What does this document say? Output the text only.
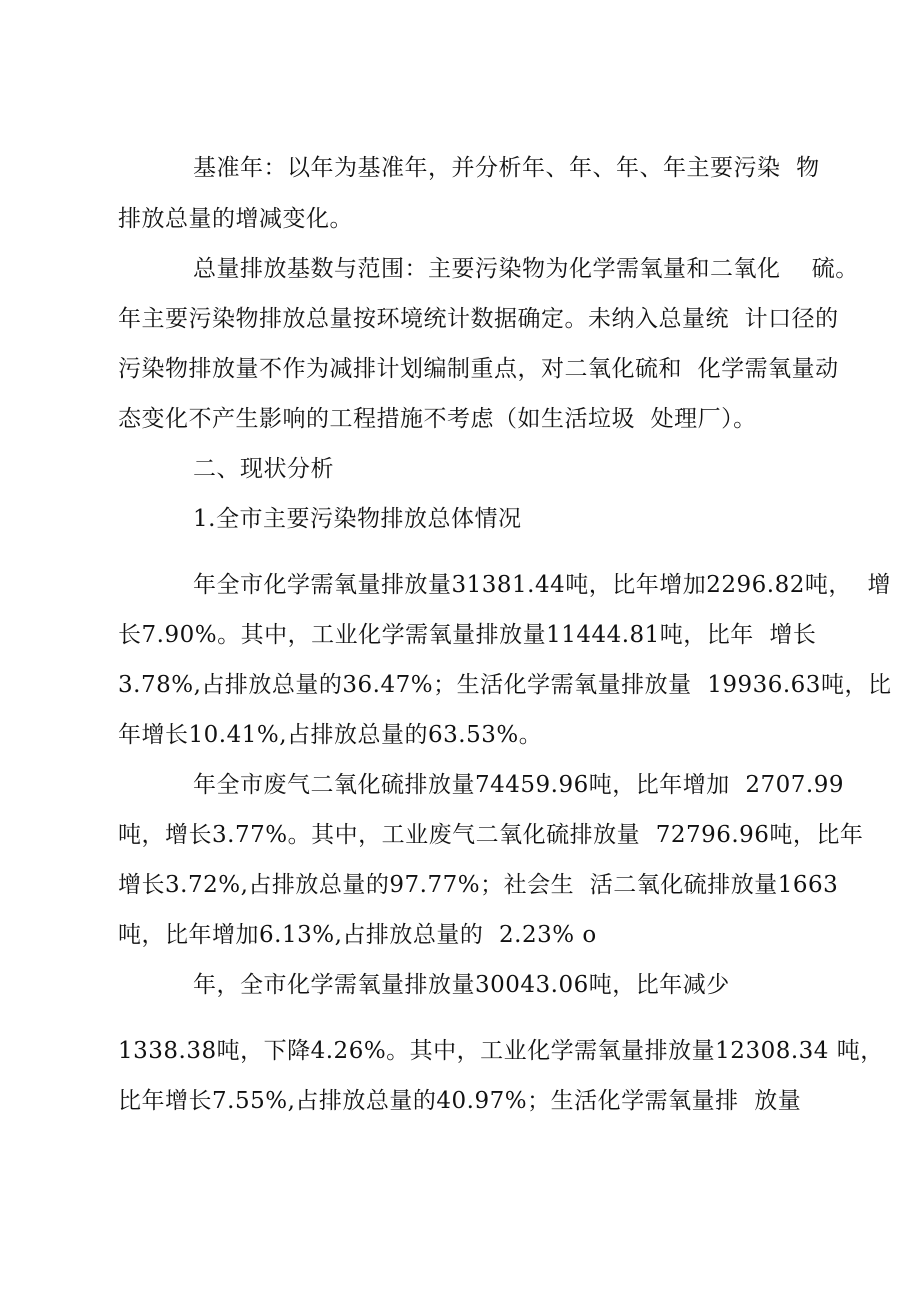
基准年：以年为基准年，并分析年、年、年、年主要污染  物
排放总量的增减变化。
总量排放基数与范围：主要污染物为化学需氧量和二氧化    硫。
年主要污染物排放总量按环境统计数据确定。未纳入总量统  计口径的
污染物排放量不作为减排计划编制重点，对二氧化硫和  化学需氧量动
态变化不产生影响的工程措施不考虑（如生活垃圾  处理厂）。
二、现状分析
1.全市主要污染物排放总体情况
年全市化学需氧量排放量31381.44吨，比年增加2296.82吨，  增
长7.90%。其中，工业化学需氧量排放量11444.81吨，比年  增长
3.78%,占排放总量的36.47%；生活化学需氧量排放量  19936.63吨，比
年增长10.41%,占排放总量的63.53%。
年全市废气二氧化硫排放量74459.96吨，比年增加  2707.99
吨，增长3.77%。其中，工业废气二氧化硫排放量  72796.96吨，比年
增长3.72%,占排放总量的97.77%；社会生  活二氧化硫排放量1663
吨，比年增加6.13%,占排放总量的  2.23% o
年，全市化学需氧量排放量30043.06吨，比年减少
1338.38吨，下降4.26%。其中，工业化学需氧量排放量12308.34 吨，
比年增长7.55%,占排放总量的40.97%；生活化学需氧量排  放量
